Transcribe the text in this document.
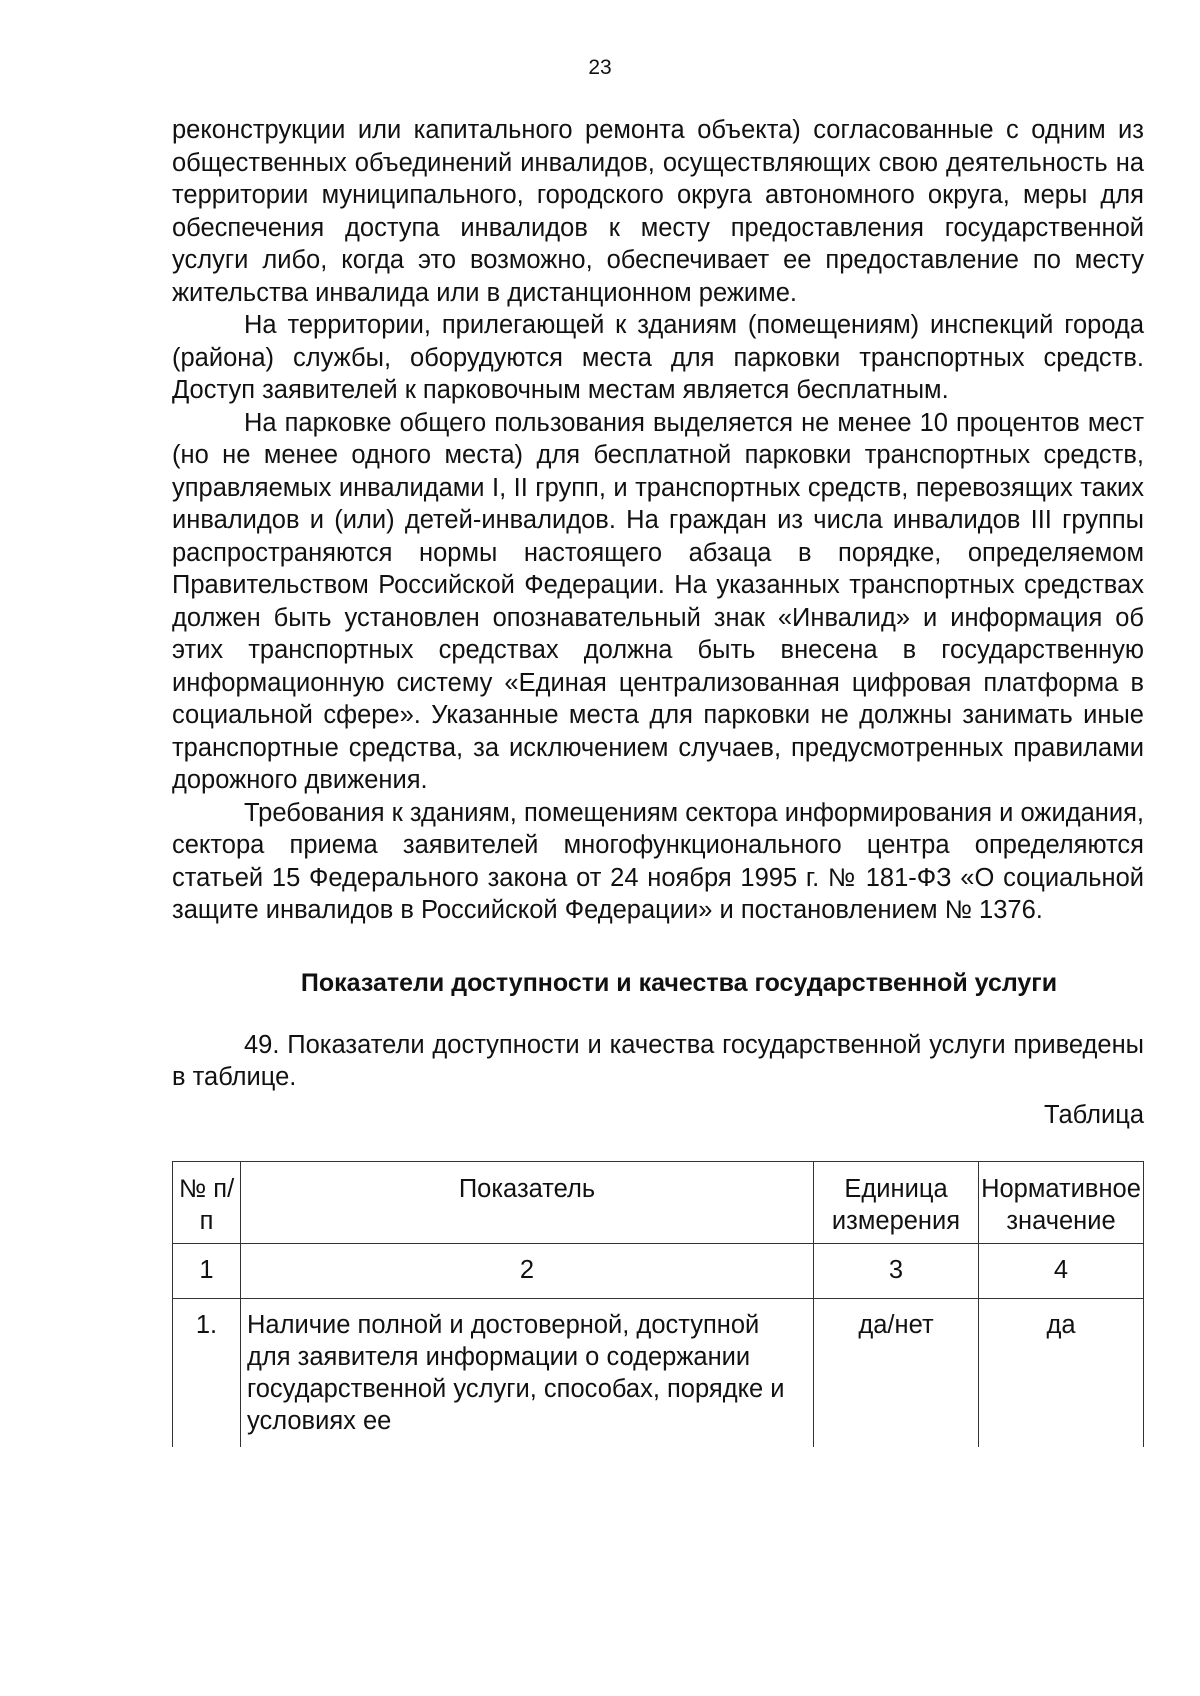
23

реконструкции или капитального ремонта объекта) согласованные с одним из общественных объединений инвалидов, осуществляющих свою деятельность на территории муниципального, городского округа автономного округа, меры для обеспечения доступа инвалидов к месту предоставления государственной услуги либо, когда это возможно, обеспечивает ее предоставление по месту жительства инвалида или в дистанционном режиме.

На территории, прилегающей к зданиям (помещениям) инспекций города (района) службы, оборудуются места для парковки транспортных средств. Доступ заявителей к парковочным местам является бесплатным.

На парковке общего пользования выделяется не менее 10 процентов мест (но не менее одного места) для бесплатной парковки транспортных средств, управляемых инвалидами I, II групп, и транспортных средств, перевозящих таких инвалидов и (или) детей-инвалидов. На граждан из числа инвалидов III группы распространяются нормы настоящего абзаца в порядке, определяемом Правительством Российской Федерации. На указанных транспортных средствах должен быть установлен опознавательный знак «Инвалид» и информация об этих транспортных средствах должна быть внесена в государственную информационную систему «Единая централизованная цифровая платформа в социальной сфере». Указанные места для парковки не должны занимать иные транспортные средства, за исключением случаев, предусмотренных правилами дорожного движения.

Требования к зданиям, помещениям сектора информирования и ожидания, сектора приема заявителей многофункционального центра определяются статьей 15 Федерального закона от 24 ноября 1995 г. № 181-ФЗ «О социальной защите инвалидов в Российской Федерации» и постановлением № 1376.

Показатели доступности и качества государственной услуги

49. Показатели доступности и качества государственной услуги приведены в таблице.

Таблица

№ п/п	Показатель	Единица измерения	Нормативное значение
1	2	3	4
1.	Наличие полной и достоверной, доступной для заявителя информации о содержании государственной услуги, способах, порядке и условиях ее	да/нет	да
